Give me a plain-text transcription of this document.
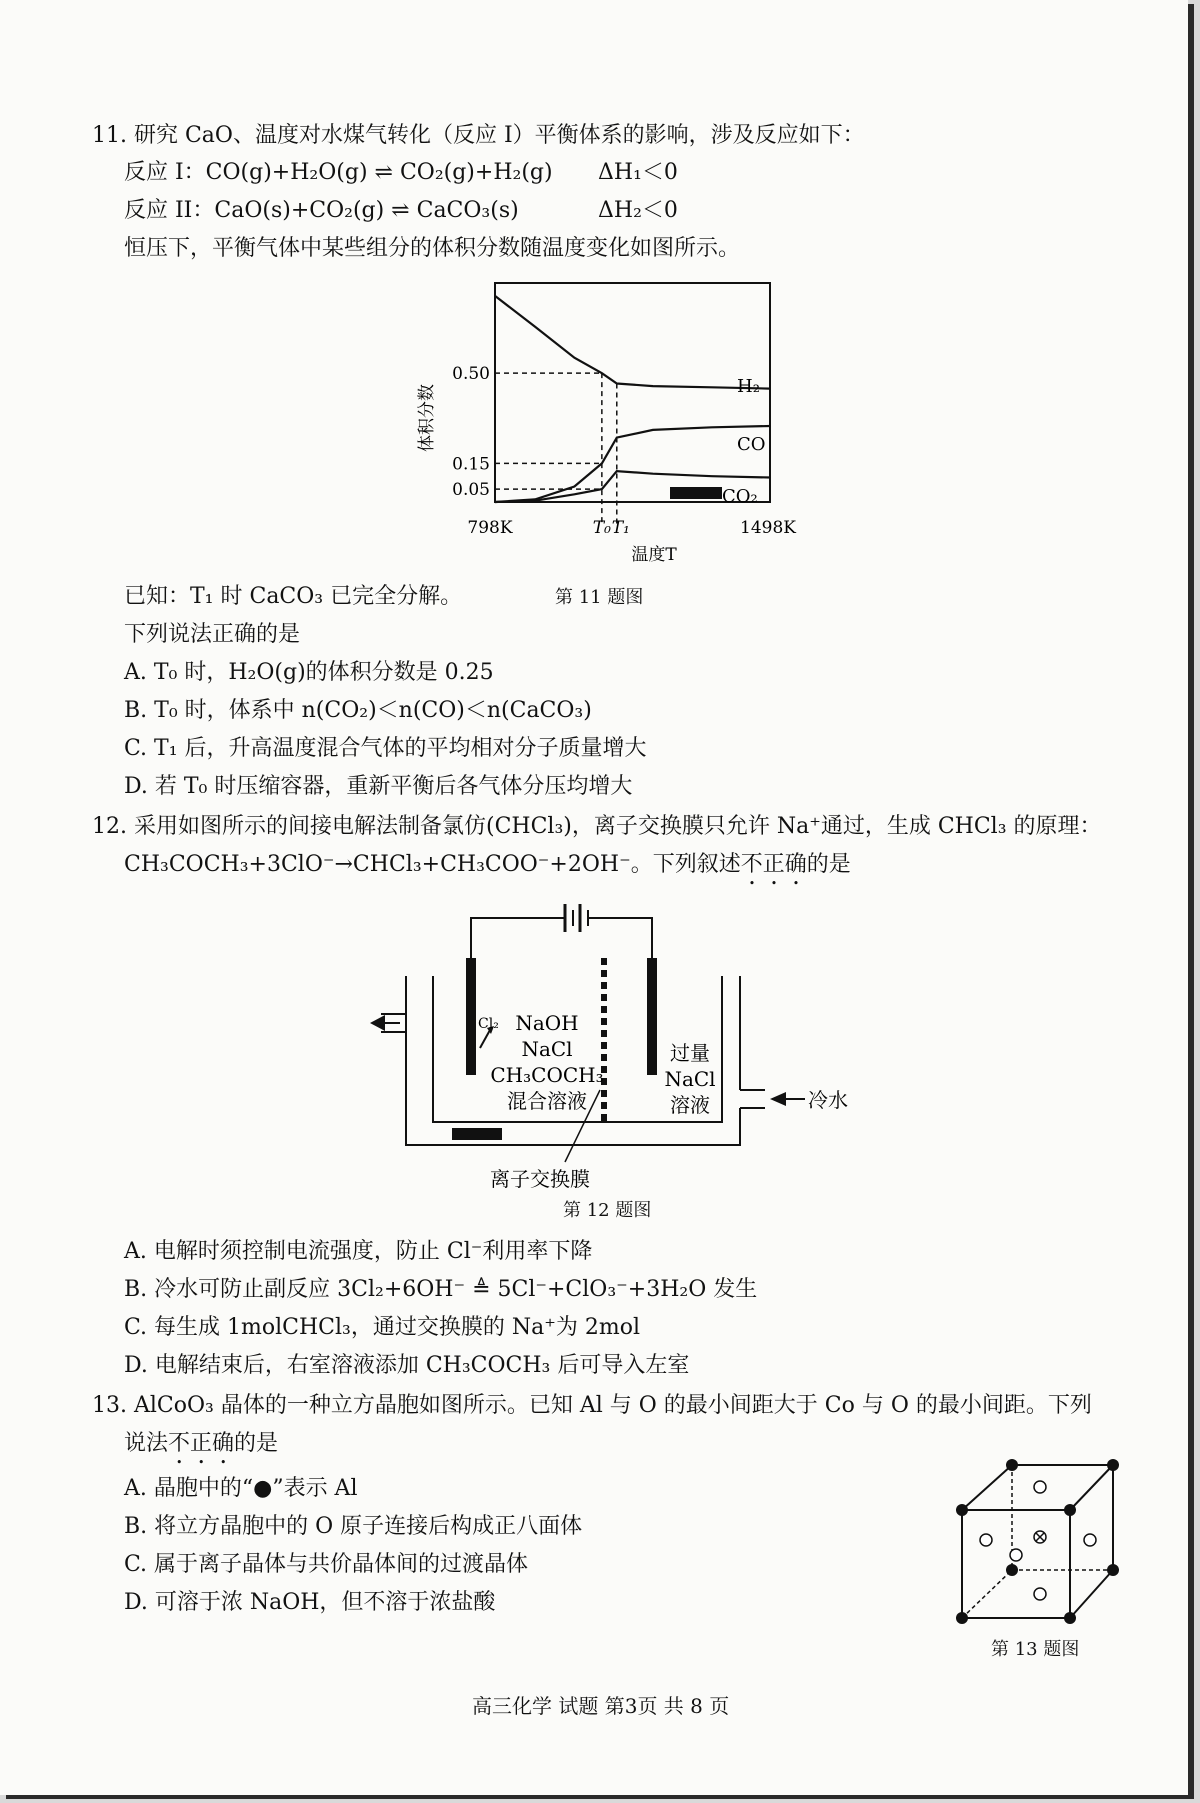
11. 研究 CaO、温度对水煤气转化（反应 I）平衡体系的影响，涉及反应如下：
反应 I：CO(g)+H₂O(g) ⇌ CO₂(g)+H₂(g) ΔH₁＜0
反应 II：CaO(s)+CO₂(g) ⇌ CaCO₃(s)	ΔH₂＜0
恒压下，平衡气体中某些组分的体积分数随温度变化如图所示。
0.05
0.15
0.50
798K	T₀ T₁	1498K
温度T
体积分数	H₂
CO
CO₂
已知：T₁ 时 CaCO₃ 已完全分解。	第 11 题图
下列说法正确的是
A. T₀ 时，H₂O(g)的体积分数是 0.25
B. T₀ 时，体系中 n(CO₂)＜n(CO)＜n(CaCO₃)
C. T₁ 后，升高温度混合气体的平均相对分子质量增大
D. 若 T₀ 时压缩容器，重新平衡后各气体分压均增大
12. 采用如图所示的间接电解法制备氯仿(CHCl₃)，离子交换膜只允许 Na⁺通过，生成 CHCl₃ 的原理：
CH₃COCH₃+3ClO⁻→CHCl₃+CH₃COO⁻+2OH⁻。下列叙述不正确的是
Cl₂ NaOH
NaCl
CH₃COCH₃
混合溶液
过量
NaCl
溶液	冷水
离子交换膜
第 12 题图
A. 电解时须控制电流强度，防止 Cl⁻利用率下降
B. 冷水可防止副反应 3Cl₂+6OH⁻ ≜ 5Cl⁻+ClO₃⁻+3H₂O 发生
C. 每生成 1molCHCl₃，通过交换膜的 Na⁺为 2mol
D. 电解结束后，右室溶液添加 CH₃COCH₃ 后可导入左室
13. AlCoO₃ 晶体的一种立方晶胞如图所示。已知 Al 与 O 的最小间距大于 Co 与 O 的最小间距。下列
说法不正确的是
A. 晶胞中的“●”表示 Al
B. 将立方晶胞中的 O 原子连接后构成正八面体
C. 属于离子晶体与共价晶体间的过渡晶体
D. 可溶于浓 NaOH，但不溶于浓盐酸
第 13 题图
高三化学 试题 第3页 共 8 页
